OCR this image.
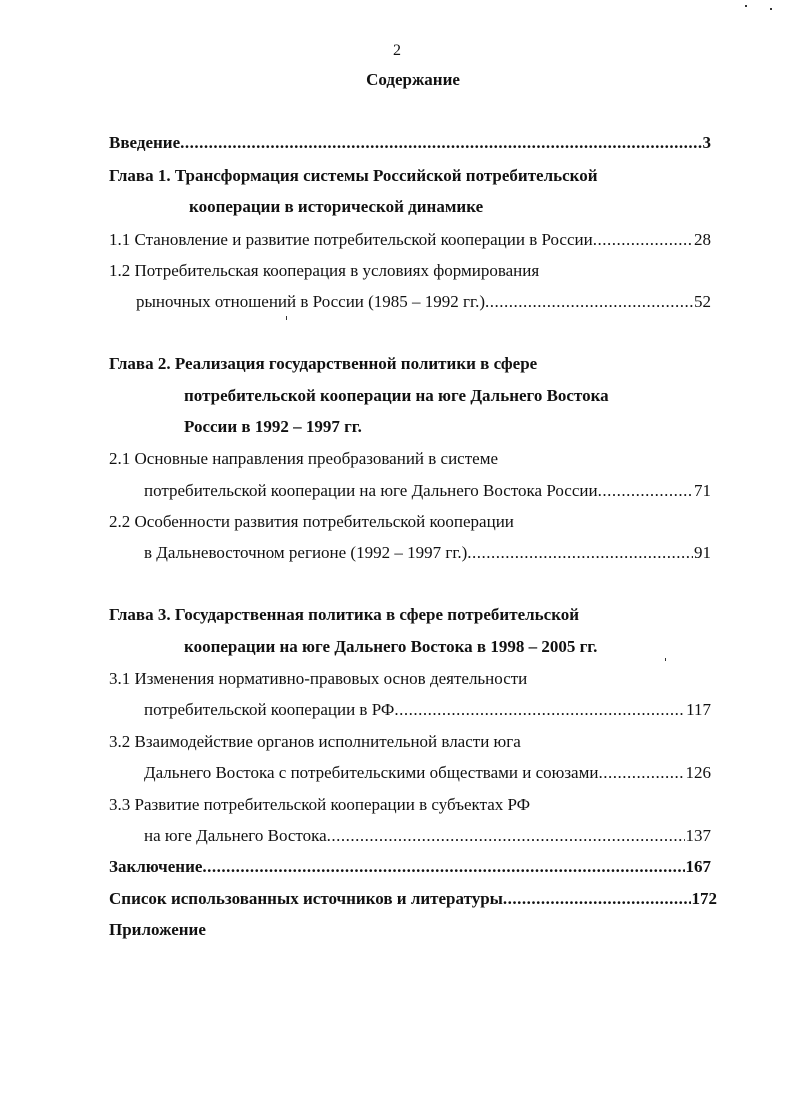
2
Содержание
Введение .....	3
Глава 1. Трансформация системы Российской потребительской
кооперации в исторической динамике
1.1 Становление и развитие потребительской кооперации в России .....	28
1.2 Потребительская кооперация в условиях формирования
рыночных отношений в России (1985 – 1992 гг.) .....	52
Глава 2. Реализация государственной политики в сфере
потребительской кооперации на юге Дальнего Востока
России в 1992 – 1997 гг.
2.1 Основные направления преобразований в системе
потребительской кооперации на юге Дальнего Востока России .....	71
2.2 Особенности развития потребительской кооперации
в Дальневосточном регионе (1992 – 1997 гг.) .....	91
Глава 3. Государственная политика в сфере потребительской
кооперации на юге Дальнего Востока в 1998 – 2005 гг.
3.1 Изменения нормативно-правовых основ деятельности
потребительской кооперации в РФ .....	117
3.2 Взаимодействие органов исполнительной власти юга
Дальнего Востока с потребительскими обществами и союзами .....	126
3.3 Развитие потребительской кооперации в субъектах РФ
на юге Дальнего Востока .....	137
Заключение .....	167
Список использованных источников и литературы .....	172
Приложение
